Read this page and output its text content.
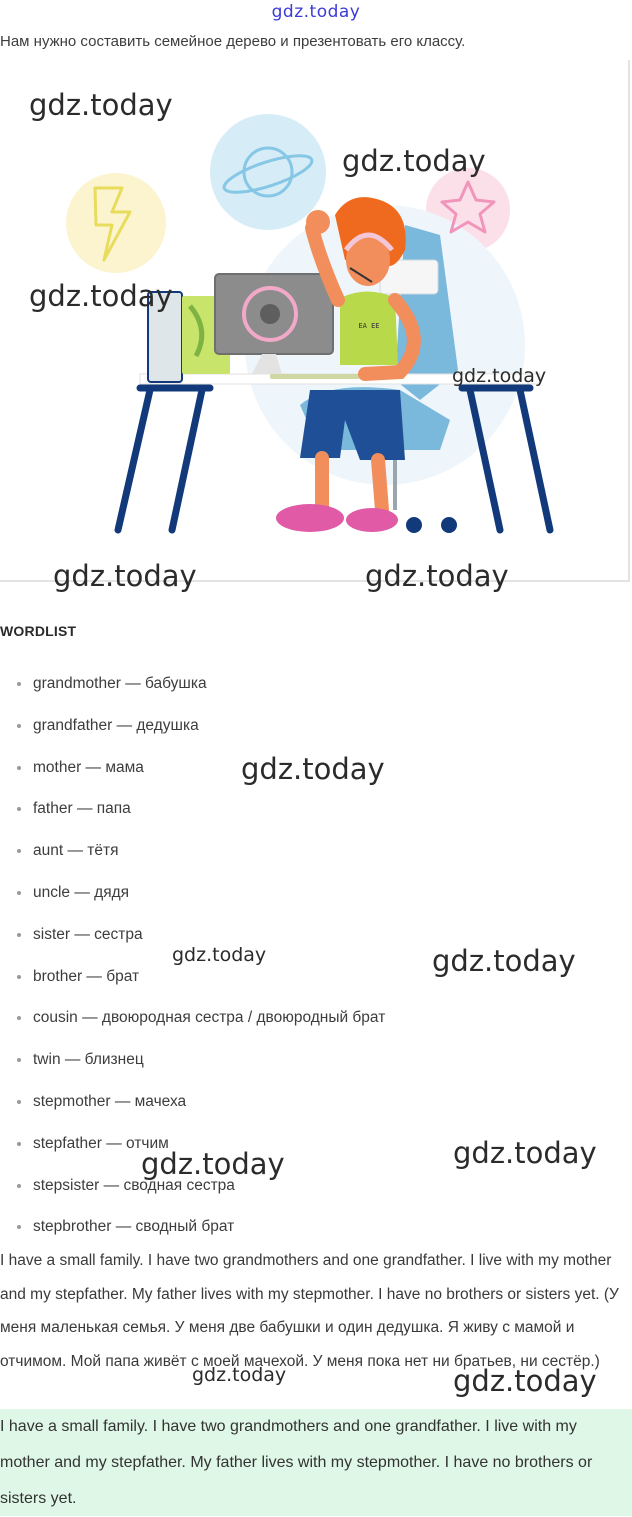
gdz.today
Нам нужно составить семейное дерево и презентовать его классу.
ЕА ЕЕ
gdz.today
gdz.today
gdz.today
gdz.today
gdz.today	gdz.today
WORDLIST
grandmother — бабушка
grandfather — дедушка
mother — мама
father — папа
aunt — тётя
uncle — дядя
sister — сестра
brother — брат
cousin — двоюродная сестра / двоюродный брат
twin — близнец
stepmother — мачеха
stepfather — отчим
stepsister — сводная сестра
stepbrother — сводный брат
gdz.today
gdz.today	gdz.today
gdz.today
gdz.today
I have a small family. I have two grandmothers and one grandfather. I live with my mother and my stepfather. My father lives with my stepmother. I have no brothers or sisters yet. (У меня маленькая семья. У меня две бабушки и один дедушка. Я живу с мамой и отчимом. Мой папа живёт с моей мачехой. У меня пока нет ни братьев, ни сестёр.)
gdz.today	gdz.today

I have a small family. I have two grandmothers and one grandfather. I live with my mother and my stepfather. My father lives with my stepmother. I have no brothers or sisters yet.
